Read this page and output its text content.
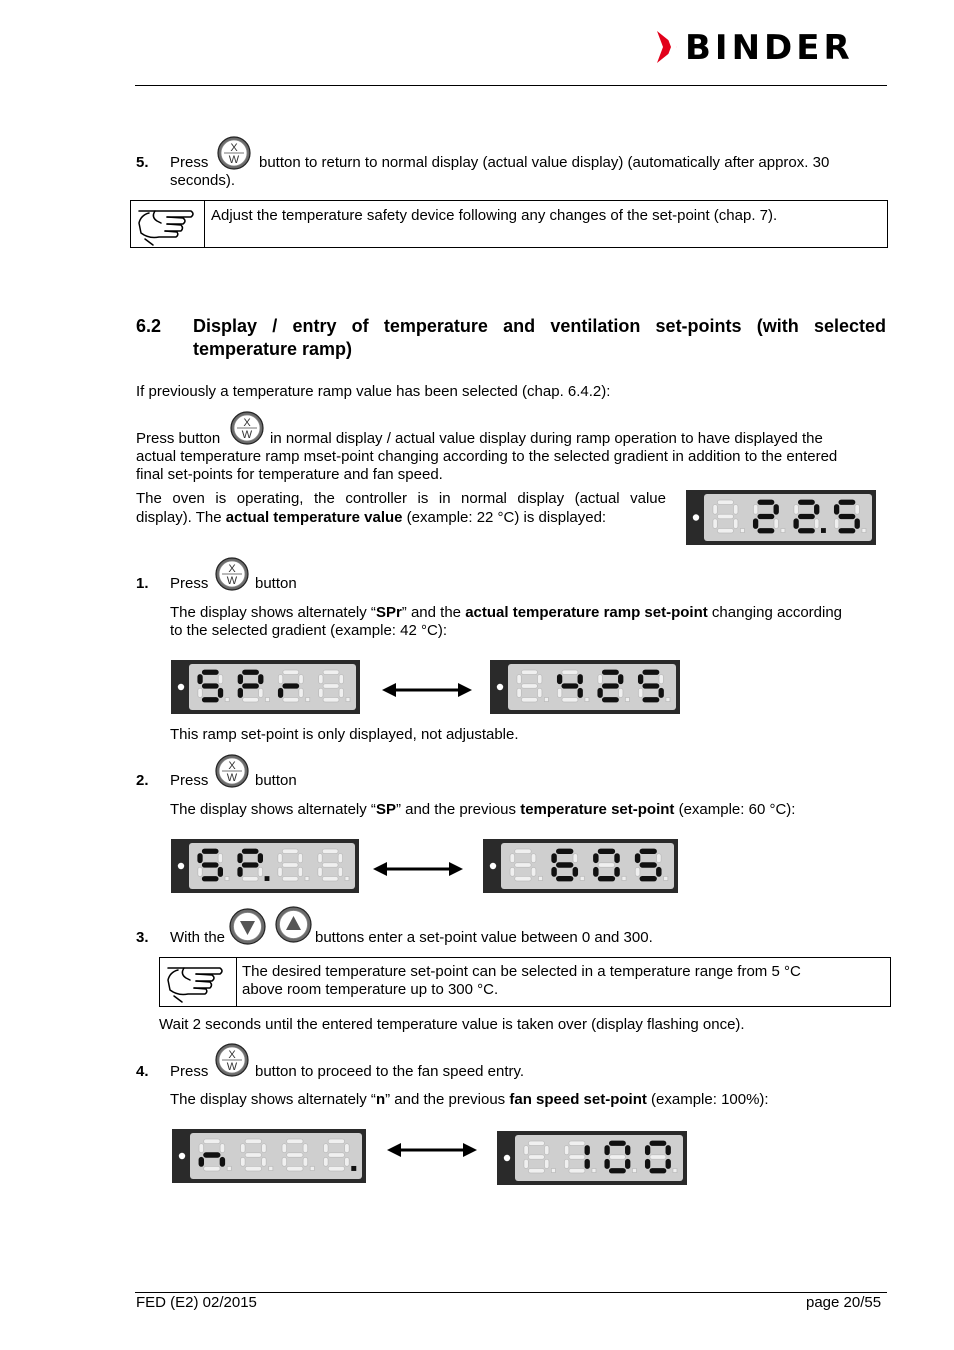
BINDER
5. Press
X
W button to return to normal display (actual value display) (automatically after approx. 30
seconds).
Adjust the temperature safety device following any changes of the set-point (chap. 7).
6.2 Display / entry of temperature and ventilation set-points (with selected
temperature ramp)
If previously a temperature ramp value has been selected (chap. 6.4.2):
Press button
X
W in normal display / actual value display during ramp operation to have displayed the
actual temperature ramp mset-point changing according to the selected gradient in addition to the entered
final set-points for temperature and fan speed.
The oven is operating, the controller is in normal display (actual value
display). The actual temperature value (example: 22 °C) is displayed:
1. Press
X
W button
The display shows alternately “SPr” and the actual temperature ramp set-point changing according
to the selected gradient (example: 42 °C):
This ramp set-point is only displayed, not adjustable.
2. Press
X
W button
The display shows alternately “SP” and the previous temperature set-point (example: 60 °C):
3. With the	buttons enter a set-point value between 0 and 300.
The desired temperature set-point can be selected in a temperature range from 5 °C
above room temperature up to 300 °C.
Wait 2 seconds until the entered temperature value is taken over (display flashing once).
4. Press
X
W button to proceed to the fan speed entry.
The display shows alternately “n” and the previous fan speed set-point (example: 100%):
FED (E2) 02/2015	page 20/55
